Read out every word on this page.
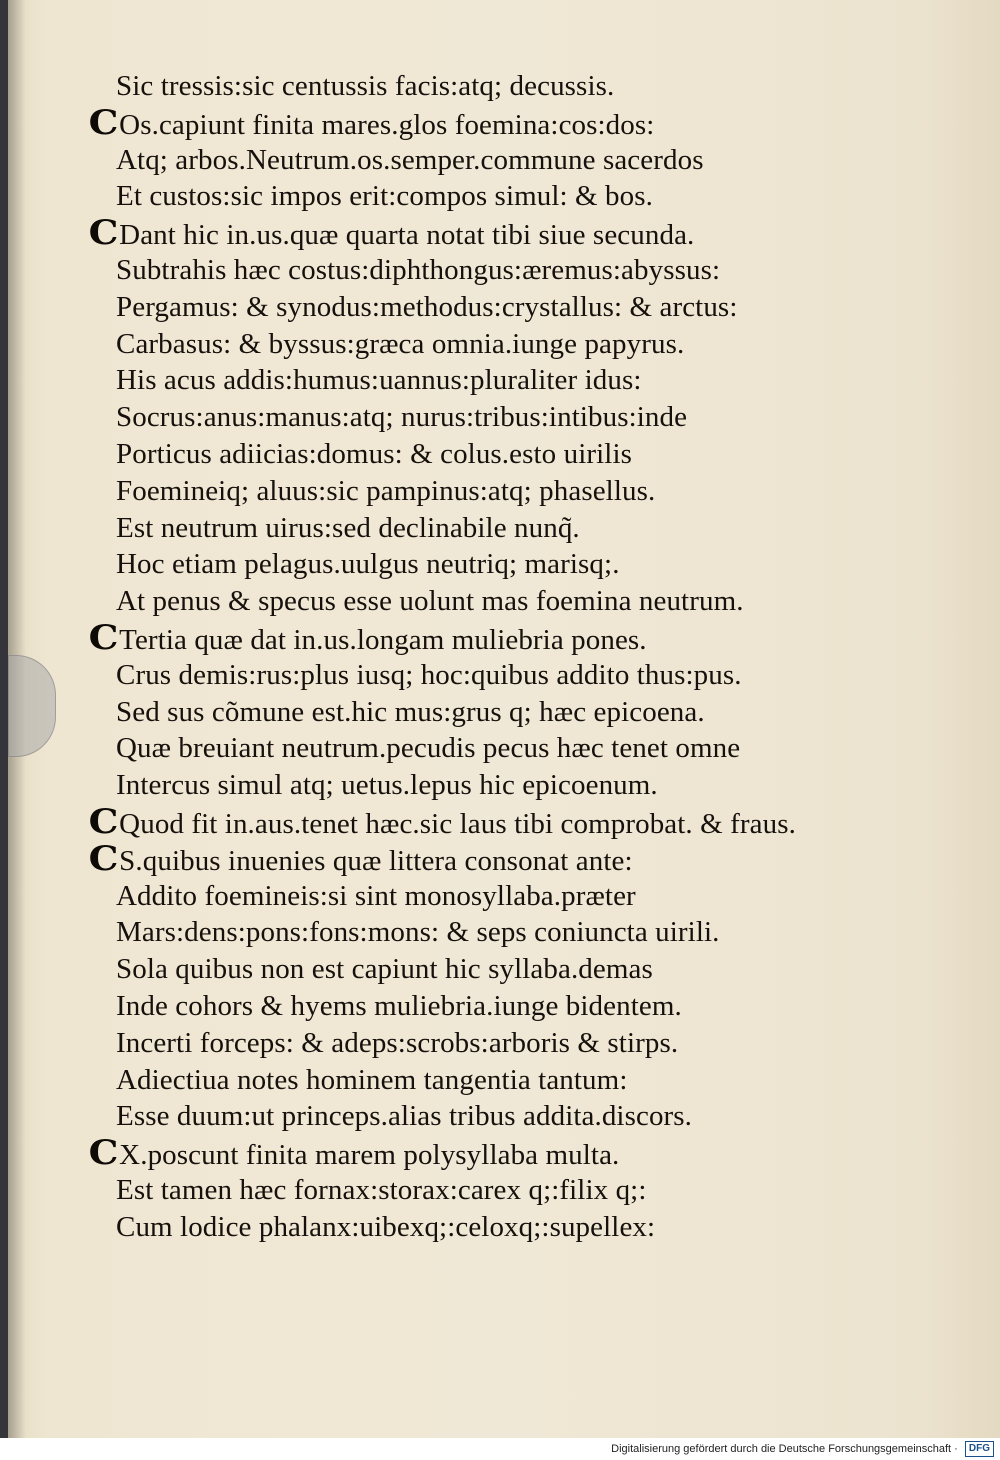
Sic tressis:sic centussis facis:atq; decussis.
COs.capiunt finita mares.glos foemina:cos:dos:
Atq; arbos.Neutrum.os.semper.commune sacerdos
Et custos:sic impos erit:compos simul: & bos.
CDant hic in.us.quæ quarta notat tibi siue secunda.
Subtrahis hæc costus:diphthongus:æremus:abyssus:
Pergamus: & synodus:methodus:crystallus: & arctus:
Carbasus: & byssus:græca omnia.iunge papyrus.
His acus addis:humus:uannus:pluraliter idus:
Socrus:anus:manus:atq; nurus:tribus:intibus:inde
Porticus adiicias:domus: & colus.esto uirilis
Foemineiq; aluus:sic pampinus:atq; phasellus.
Est neutrum uirus:sed declinabile nunq̃.
Hoc etiam pelagus.uulgus neutriq; marisq;.
At penus & specus esse uolunt mas foemina neutrum.
CTertia quæ dat in.us.longam muliebria pones.
Crus demis:rus:plus iusq; hoc:quibus addito thus:pus.
Sed sus cõmune est.hic mus:grus q; hæc epicoena.
Quæ breuiant neutrum.pecudis pecus hæc tenet omne
Intercus simul atq; uetus.lepus hic epicoenum.
CQuod fit in.aus.tenet hæc.sic laus tibi comprobat. & fraus.
CS.quibus inuenies quæ littera consonat ante:
Addito foemineis:si sint monosyllaba.præter
Mars:dens:pons:fons:mons: & seps coniuncta uirili.
Sola quibus non est capiunt hic syllaba.demas
Inde cohors & hyems muliebria.iunge bidentem.
Incerti forceps: & adeps:scrobs:arboris & stirps.
Adiectiua notes hominem tangentia tantum:
Esse duum:ut princeps.alias tribus addita.discors.
CX.poscunt finita marem polysyllaba multa.
Est tamen hæc fornax:storax:carex q;:filix q;:
Cum lodice phalanx:uibexq;:celoxq;:supellex:
Digitalisierung gefördert durch die Deutsche Forschungsgemeinschaft · DFG
